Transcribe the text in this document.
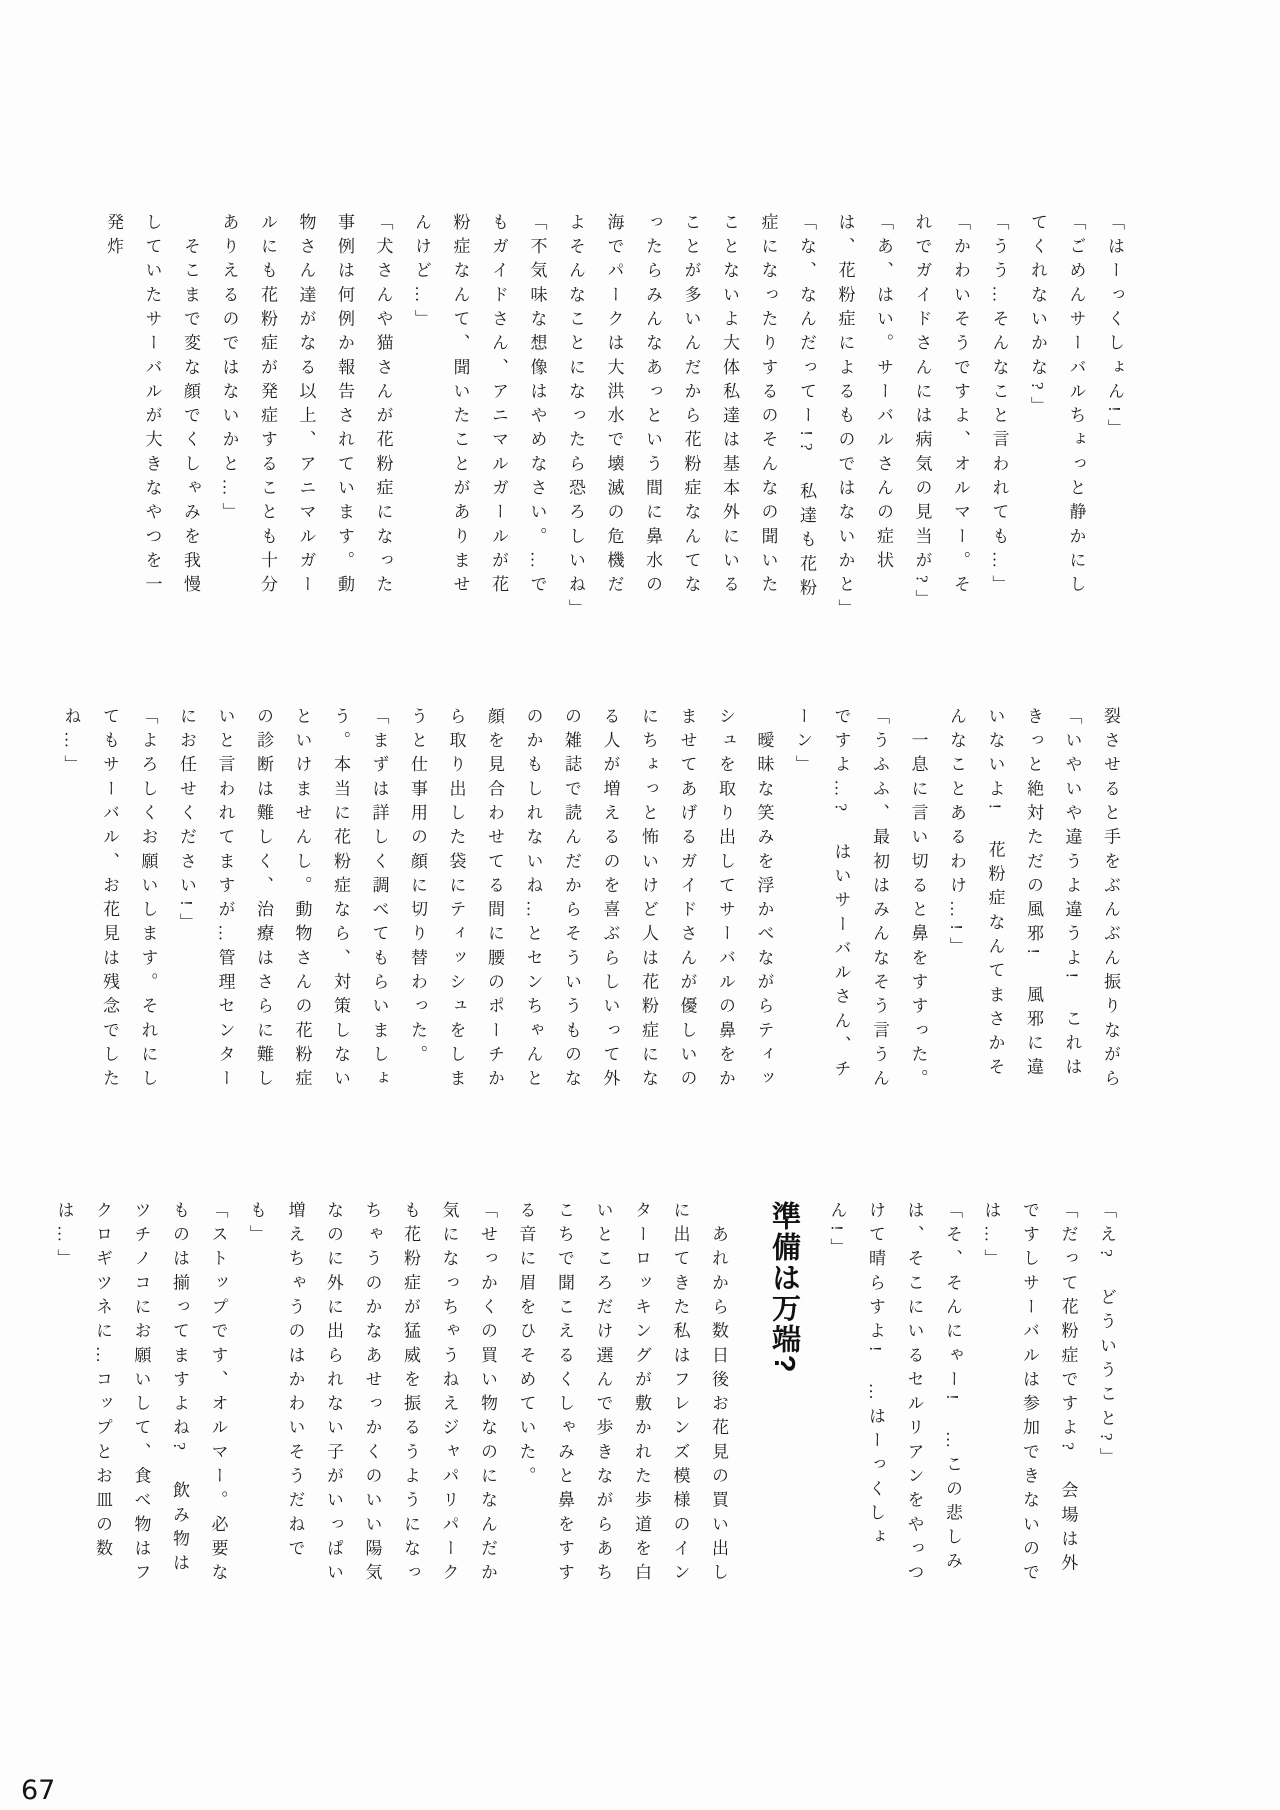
「はーっくしょん!」

「ごめんサーバルちょっと静かにしてくれないかな?」

「うう…そんなこと言われても…」

「かわいそうですよ、オルマー。それでガイドさんには病気の見当が?」

「あ、はい。サーバルさんの症状は、花粉症によるものではないかと」

「な、なんだってー!?　私達も花粉症になったりするのそんなの聞いたことないよ大体私達は基本外にいることが多いんだから花粉症なんてなったらみんなあっという間に鼻水の海でパークは大洪水で壊滅の危機だよそんなことになったら恐ろしいね」

「不気味な想像はやめなさい。…でもガイドさん、アニマルガールが花粉症なんて、聞いたことがありませんけど…」

「犬さんや猫さんが花粉症になった事例は何例か報告されています。動物さん達がなる以上、アニマルガールにも花粉症が発症することも十分ありえるのではないかと…」

　そこまで変な顔でくしゃみを我慢していたサーバルが大きなやつを一発炸

裂させると手をぶんぶん振りながら

「いやいや違うよ違うよ!　これはきっと絶対ただの風邪!　風邪に違いないよ!　花粉症なんてまさかそんなことあるわけ…!」

　一息に言い切ると鼻をすすった。

「うふふ、最初はみんなそう言うんですよ…?　はいサーバルさん、チーン」

　曖昧な笑みを浮かべながらティッシュを取り出してサーバルの鼻をかませてあげるガイドさんが優しいのにちょっと怖いけど人は花粉症になる人が増えるのを喜ぶらしいって外の雑誌で読んだからそういうものなのかもしれないね…とセンちゃんと顔を見合わせてる間に腰のポーチから取り出した袋にティッシュをしまうと仕事用の顔に切り替わった。

「まずは詳しく調べてもらいましょう。本当に花粉症なら、対策しないといけませんし。動物さんの花粉症の診断は難しく、治療はさらに難しいと言われてますが…管理センターにお任せください!」

「よろしくお願いします。それにしてもサーバル、お花見は残念でしたね…」

「え?　どういうこと?」

「だって花粉症ですよ?　会場は外ですしサーバルは参加できないのでは…」

「そ、そんにゃー!　…この悲しみは、そこにいるセルリアンをやっつけて晴らすよ!　…はーっくしょん!」

準備は万端?

　あれから数日後お花見の買い出しに出てきた私はフレンズ模様のインターロッキングが敷かれた歩道を白いところだけ選んで歩きながらあちこちで聞こえるくしゃみと鼻をすする音に眉をひそめていた。

「せっかくの買い物なのになんだか気になっちゃうねえジャパリパークも花粉症が猛威を振るうようになっちゃうのかなあせっかくのいい陽気なのに外に出られない子がいっぱい増えちゃうのはかわいそうだねでも」

「ストップです、オルマー。必要なものは揃ってますよね?　飲み物はツチノコにお願いして、食べ物はフクロギツネに…コップとお皿の数は…」

67
